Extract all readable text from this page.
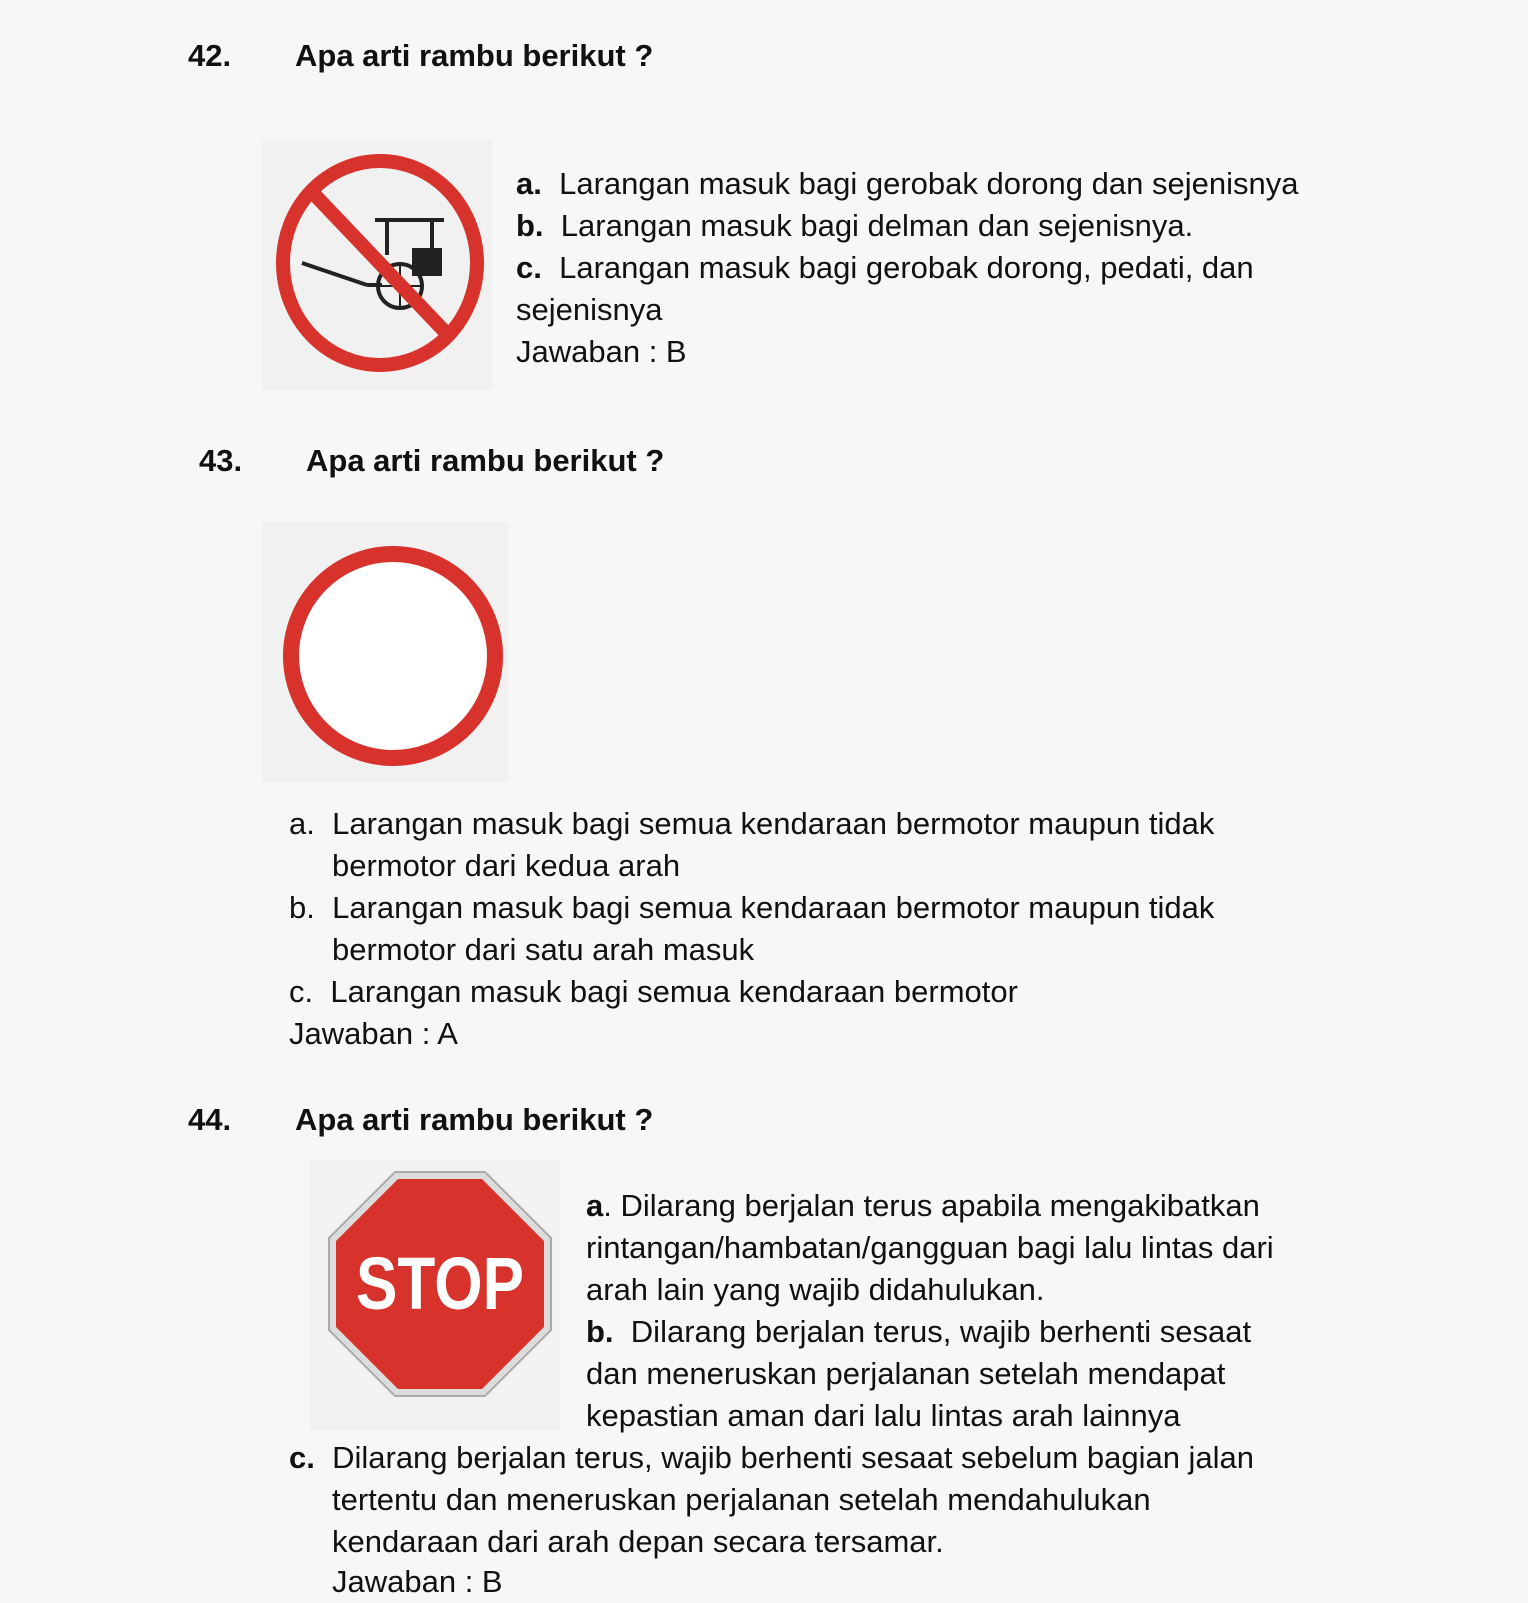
42. Apa arti rambu berikut ?
a. Larangan masuk bagi gerobak dorong dan sejenisnya
b. Larangan masuk bagi delman dan sejenisnya.
c. Larangan masuk bagi gerobak dorong, pedati, dan
sejenisnya
Jawaban : B
43. Apa arti rambu berikut ?
a. Larangan masuk bagi semua kendaraan bermotor maupun tidak
bermotor dari kedua arah
b. Larangan masuk bagi semua kendaraan bermotor maupun tidak
bermotor dari satu arah masuk
c. Larangan masuk bagi semua kendaraan bermotor
Jawaban : A
44. Apa arti rambu berikut ?
STOP
a. Dilarang berjalan terus apabila mengakibatkan
rintangan/hambatan/gangguan bagi lalu lintas dari
arah lain yang wajib didahulukan.
b. Dilarang berjalan terus, wajib berhenti sesaat
dan meneruskan perjalanan setelah mendapat
kepastian aman dari lalu lintas arah lainnya
c. Dilarang berjalan terus, wajib berhenti sesaat sebelum bagian jalan
tertentu dan meneruskan perjalanan setelah mendahulukan
kendaraan dari arah depan secara tersamar.
Jawaban : B
